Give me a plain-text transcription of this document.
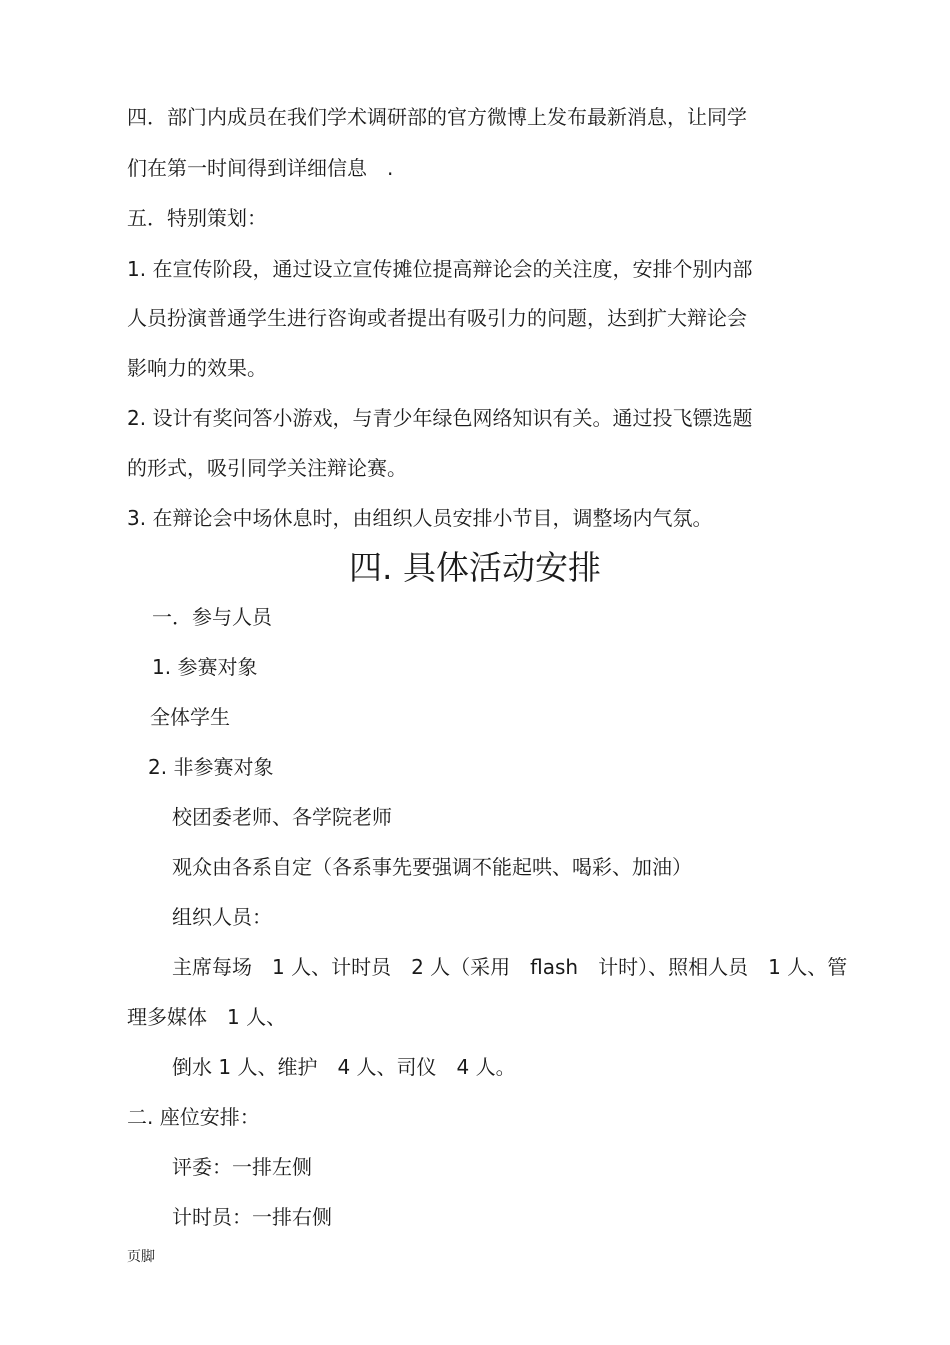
四．部门内成员在我们学术调研部的官方微博上发布最新消息，让同学
们在第一时间得到详细信息　.
五．特别策划：
1. 在宣传阶段，通过设立宣传摊位提高辩论会的关注度，安排个别内部
人员扮演普通学生进行咨询或者提出有吸引力的问题，达到扩大辩论会
影响力的效果。
2. 设计有奖问答小游戏，与青少年绿色网络知识有关。通过投飞镖选题
的形式，吸引同学关注辩论赛。
3. 在辩论会中场休息时，由组织人员安排小节目，调整场内气氛。
四. 具体活动安排
一．参与人员
1. 参赛对象
全体学生
2. 非参赛对象
校团委老师、各学院老师
观众由各系自定（各系事先要强调不能起哄、喝彩、加油）
组织人员：
主席每场　1 人、计时员　2 人（采用　flash　计时）、照相人员　1 人、管
理多媒体　1 人、
倒水 1 人、维护　4 人、司仪　4 人。
二. 座位安排：
评委：一排左侧
计时员：一排右侧
页脚
